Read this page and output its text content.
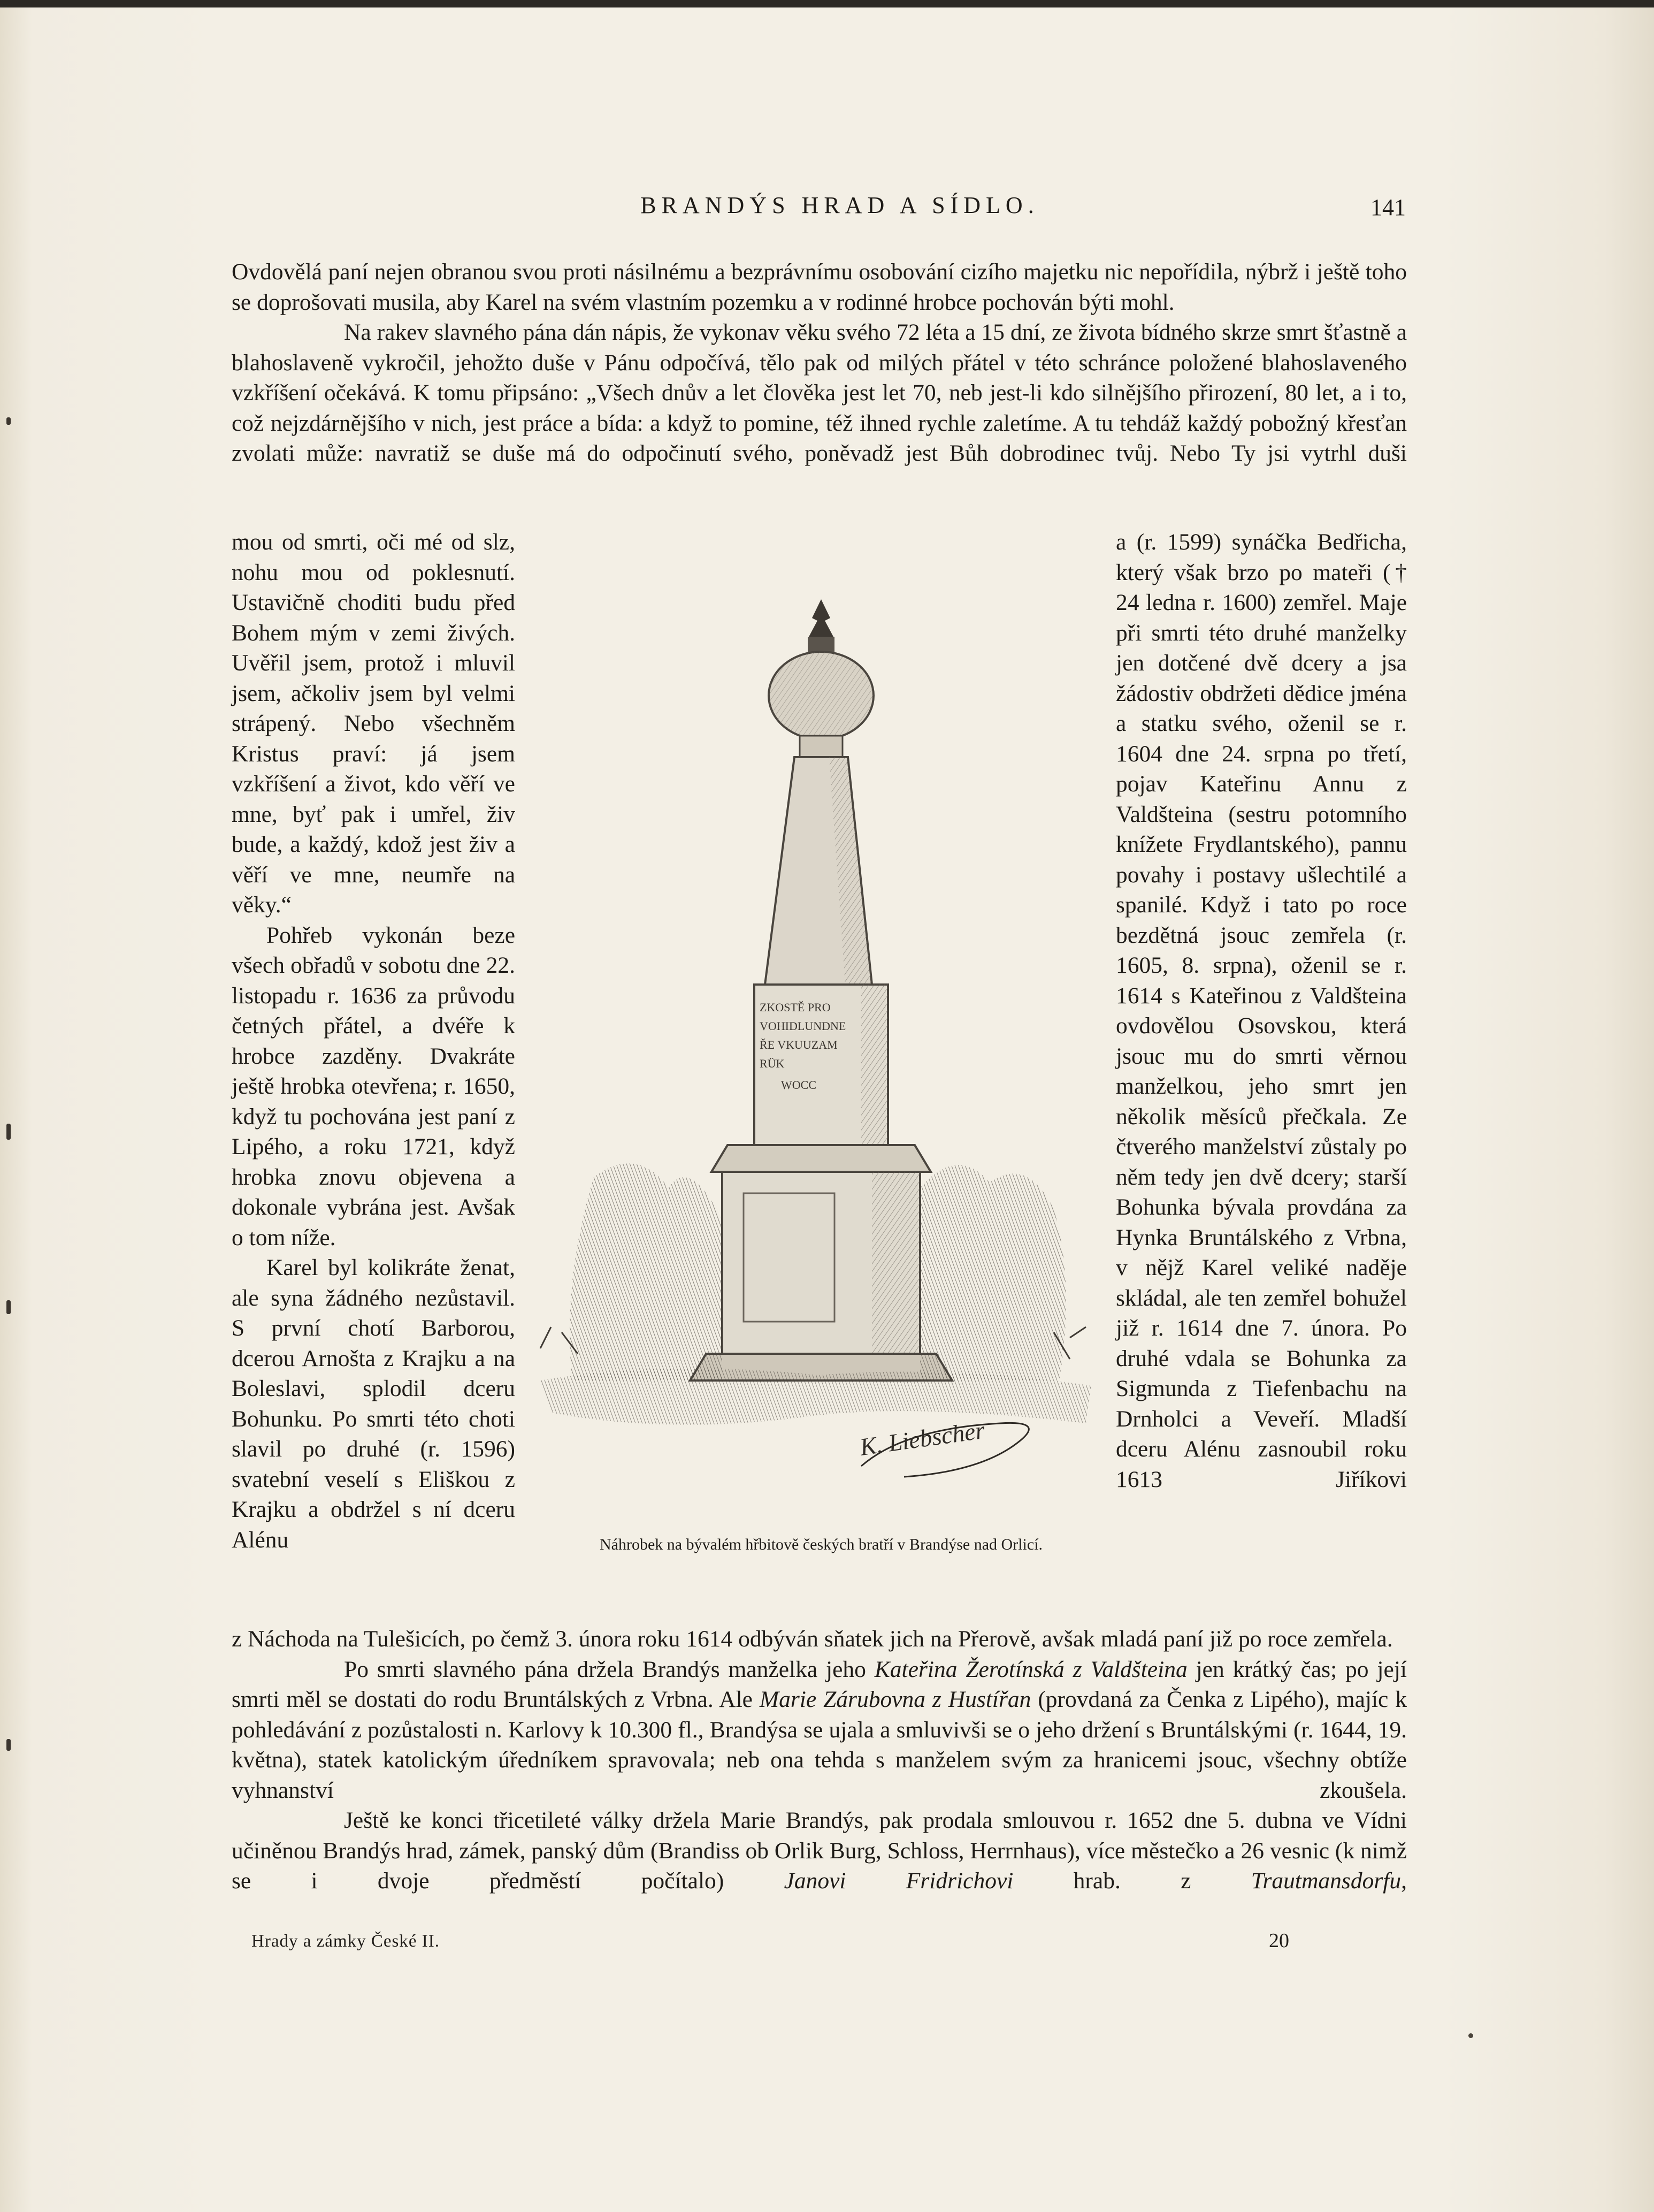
BRANDÝS HRAD A SÍDLO.	141

Ovdovělá paní nejen obranou svou proti násilnému a bezprávnímu osobování cizího majetku nic nepořídila, nýbrž i ještě toho se doprošovati musila, aby Karel na svém vlastním pozemku a v rodinné hrobce pochován býti mohl.

Na rakev slavného pána dán nápis, že vykonav věku svého 72 léta a 15 dní, ze života bídného skrze smrt šťastně a blahoslaveně vykročil, jehožto duše v Pánu odpočívá, tělo pak od milých přátel v této schránce položené blahoslaveného vzkříšení očekává. K tomu připsáno: „Všech dnův a let člověka jest let 70, neb jest-li kdo silnějšího přirození, 80 let, a i to, což nejzdárnějšího v nich, jest práce a bída: a když to pomine, též ihned rychle zaletíme. A tu tehdáž každý pobožný křesťan zvolati může: navratiž se duše má do odpočinutí svého, poněvadž jest Bůh dobrodinec tvůj. Nebo Ty jsi vytrhl duši

mou od smrti, oči mé od slz, nohu mou od poklesnutí. Ustavičně choditi budu před Bohem mým v zemi živých. Uvěřil jsem, protož i mluvil jsem, ačkoliv jsem byl velmi strápený. Nebo všechněm Kristus praví: já jsem vzkříšení a život, kdo věří ve mne, byť pak i umřel, živ bude, a každý, kdož jest živ a věří ve mne, neumře na věky.“

Pohřeb vykonán beze všech obřadů v sobotu dne 22. listopadu r. 1636 za průvodu četných přátel, a dvéře k hrobce zazděny. Dvakráte ještě hrobka otevřena; r. 1650, když tu pochována jest paní z Lipého, a roku 1721, když hrobka znovu objevena a dokonale vybrána jest. Avšak o tom níže.

Karel byl kolikráte ženat, ale syna žádného nezůstavil. S první chotí Barborou, dcerou Arnošta z Krajku a na Boleslavi, splodil dceru Bohunku. Po smrti této choti slavil po druhé (r. 1596) svatební veselí s Eliškou z Krajku a obdržel s ní dceru Alénu

a (r. 1599) synáčka Bedřicha, který však brzo po mateři († 24 ledna r. 1600) zemřel. Maje při smrti této druhé manželky jen dotčené dvě dcery a jsa žádostiv obdržeti dědice jména a statku svého, oženil se r. 1604 dne 24. srpna po třetí, pojav Kateřinu Annu z Valdšteina (sestru potomního knížete Frydlantského), pannu povahy i postavy ušlechtilé a spanilé. Když i tato po roce bezdětná jsouc zemřela (r. 1605, 8. srpna), oženil se r. 1614 s Kateřinou z Valdšteina ovdovělou Osovskou, která jsouc mu do smrti věrnou manželkou, jeho smrt jen několik měsíců přečkala. Ze čtverého manželství zůstaly po něm tedy jen dvě dcery; starší Bohunka bývala provdána za Hynka Bruntálského z Vrbna, v nějž Karel veliké naděje skládal, ale ten zemřel bohužel již r. 1614 dne 7. února. Po druhé vdala se Bohunka za Sigmunda z Tiefenbachu na Drnholci a Veveří. Mladší dceru Alénu zasnoubil roku 1613 Jiříkovi

ZKOSTĚ PRO
VOHIDLUNDNE
ŘE VKUUZAM
RÜK
WOCC
K. Liebscher
Náhrobek na bývalém hřbitově českých bratří v Brandýse nad Orlicí.

z Náchoda na Tulešicích, po čemž 3. února roku 1614 odbýván sňatek jich na Přerově, avšak mladá paní již po roce zemřela.

Po smrti slavného pána držela Brandýs manželka jeho Kateřina Žerotínská z Valdšteina jen krátký čas; po její smrti měl se dostati do rodu Bruntálských z Vrbna. Ale Marie Zárubovna z Hustířan (provdaná za Čenka z Lipého), majíc k pohledávání z pozůstalosti n. Karlovy k 10.300 fl., Brandýsa se ujala a smluvivši se o jeho držení s Bruntálskými (r. 1644, 19. května), statek katolickým úředníkem spravovala; neb ona tehda s manželem svým za hranicemi jsouc, všechny obtíže vyhnanství zkoušela.

Ještě ke konci třicetileté války držela Marie Brandýs, pak prodala smlouvou r. 1652 dne 5. dubna ve Vídni učiněnou Brandýs hrad, zámek, panský dům (Brandiss ob Orlik Burg, Schloss, Herrnhaus), více městečko a 26 vesnic (k nimž se i dvoje předměstí počítalo) Janovi Fridrichovi hrab. z Trautmansdorfu,

Hrady a zámky České II.	20
